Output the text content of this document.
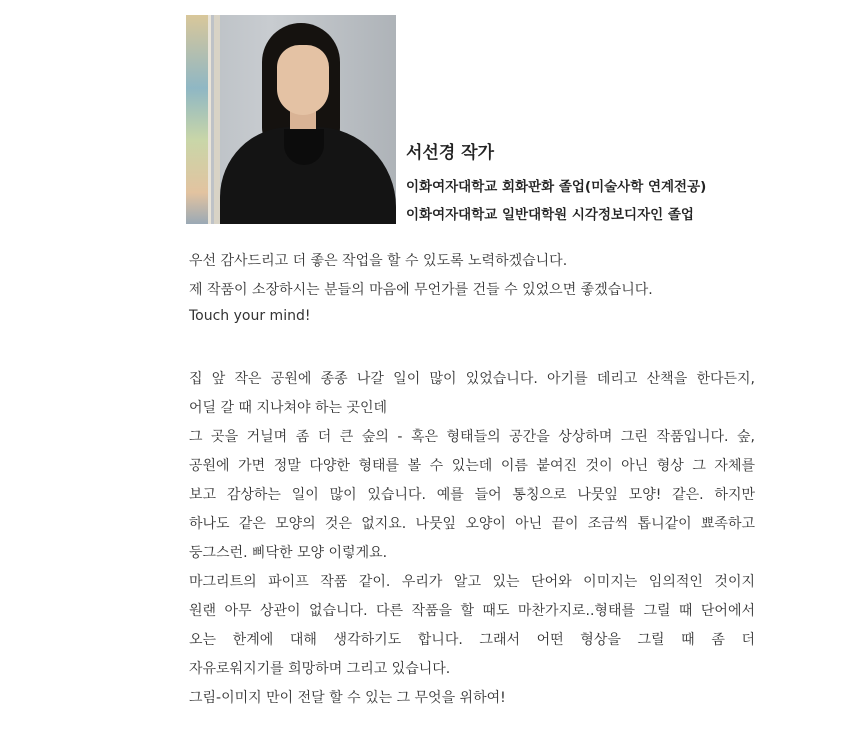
서선경 작가
이화여자대학교 회화판화 졸업(미술사학 연계전공)
이화여자대학교 일반대학원 시각정보디자인 졸업
우선 감사드리고 더 좋은 작업을 할 수 있도록 노력하겠습니다.
제 작품이 소장하시는 분들의 마음에 무언가를 건들 수 있었으면 좋겠습니다.
Touch your mind!
집 앞 작은 공원에 종종 나갈 일이 많이 있었습니다. 아기를 데리고 산책을 한다든지,
어딜 갈 때 지나쳐야 하는 곳인데
그 곳을 거닐며 좀 더 큰 숲의 - 혹은 형태들의 공간을 상상하며 그린 작품입니다. 숲,
공원에 가면 정말 다양한 형태를 볼 수 있는데 이름 붙여진 것이 아닌 형상 그 자체를
보고 감상하는 일이 많이 있습니다. 예를 들어 통칭으로 나뭇잎 모양! 같은. 하지만
하나도 같은 모양의 것은 없지요. 나뭇잎 오양이 아닌 끝이 조금씩 톱니같이 뾰족하고
둥그스런. 삐닥한 모양 이렇게요.
마그리트의 파이프 작품 같이. 우리가 알고 있는 단어와 이미지는 임의적인 것이지
원랜 아무 상관이 없습니다. 다른 작품을 할 때도 마찬가지로..형태를 그릴 때 단어에서
오는 한계에 대해 생각하기도 합니다. 그래서 어떤 형상을 그릴 때 좀 더
자유로워지기를 희망하며 그리고 있습니다.
그림-이미지 만이 전달 할 수 있는 그 무엇을 위하여!
